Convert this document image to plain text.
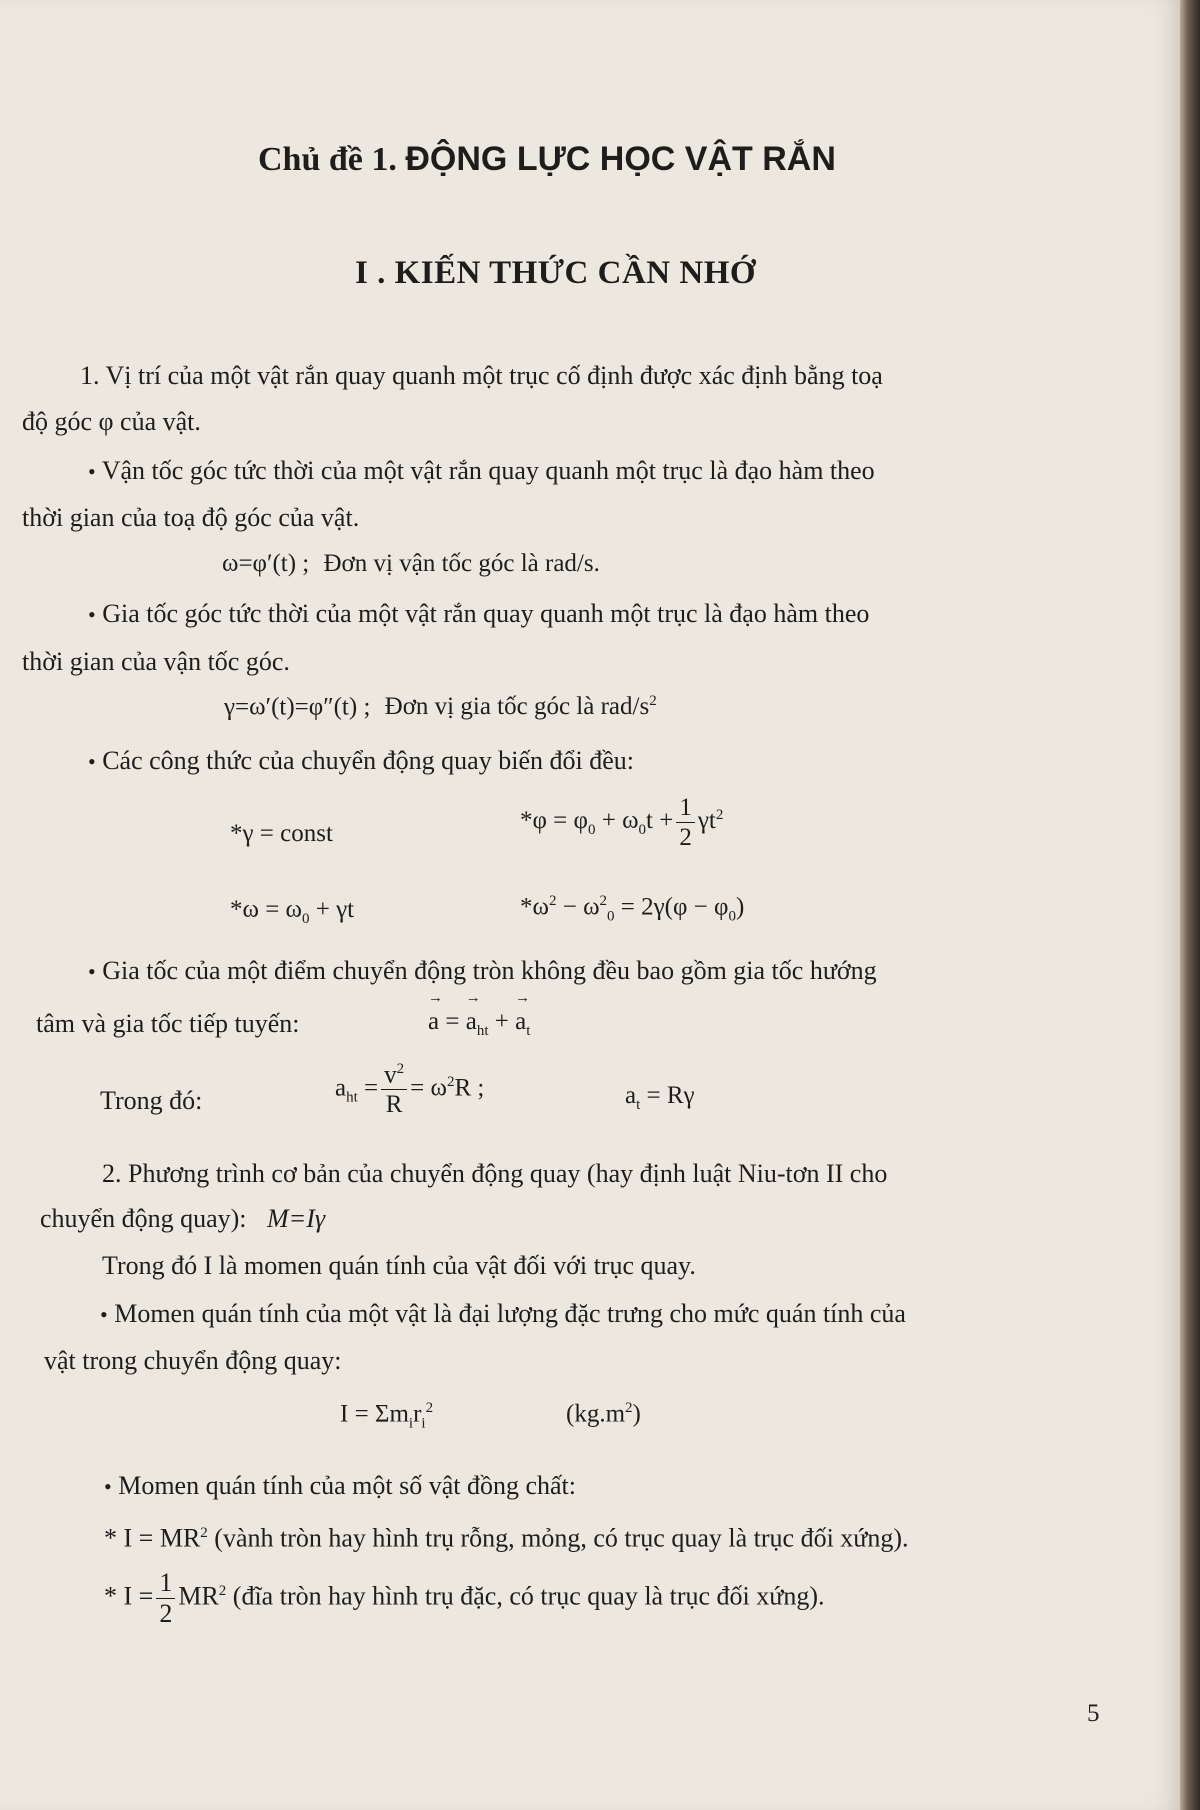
Chủ đề 1. ĐỘNG LỰC HỌC VẬT RẮN
I . KIẾN THỨC CẦN NHỚ
1. Vị trí của một vật rắn quay quanh một trục cố định được xác định bằng toạ
độ góc φ của vật.
• Vận tốc góc tức thời của một vật rắn quay quanh một trục là đạo hàm theo
thời gian của toạ độ góc của vật.
ω=φ′(t) ; Đơn vị vận tốc góc là rad/s.
• Gia tốc góc tức thời của một vật rắn quay quanh một trục là đạo hàm theo
thời gian của vận tốc góc.
γ=ω′(t)=φ″(t) ; Đơn vị gia tốc góc là rad/$s^2$
• Các công thức của chuyển động quay biến đổi đều:
*γ = const	$*\varphi = \varphi_0 + \omega_0t + \frac{1}{2} \gamma t^2$
$*\omega = \omega_0 + \gamma t$	$*\omega^2 - \omega^2_0 = 2\gamma(\varphi - \varphi_0)$
• Gia tốc của một điểm chuyển động tròn không đều bao gồm gia tốc hướng
tâm và gia tốc tiếp tuyến:
→	a = → $a_{ht}$ + → $a_t$
Trong đó:	$a_{ht} = \frac{v^2}{R} = \omega^2R$ ;	$a_t = R\gamma$
2. Phương trình cơ bản của chuyển động quay (hay định luật Niu-tơn II cho
chuyển động quay): M=Iγ
Trong đó I là momen quán tính của vật đối với trục quay.
• Momen quán tính của một vật là đại lượng đặc trưng cho mức quán tính của
vật trong chuyển động quay:
$I = \Sigma m_ir_i^2$	$(kg.m^2)$
• Momen quán tính của một số vật đồng chất:
* $I = MR^2$ (vành tròn hay hình trụ rỗng, mỏng, có trục quay là trục đối xứng).
* $I = \frac{1}{2} MR^2$ (đĩa tròn hay hình trụ đặc, có trục quay là trục đối xứng).
5
